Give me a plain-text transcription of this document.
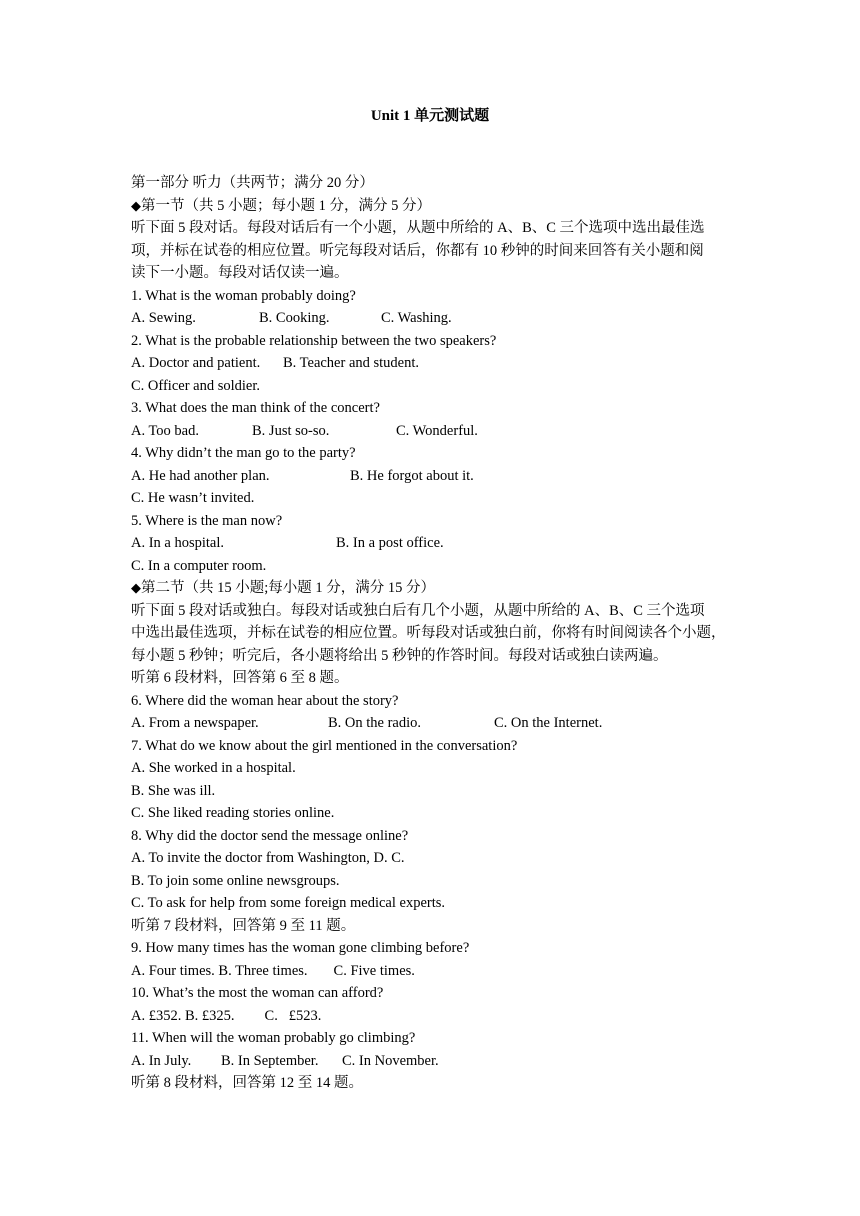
Unit 1 单元测试题
第一部分 听力（共两节；满分 20 分）
◆第一节（共 5 小题；每小题 1 分，满分 5 分）
听下面 5 段对话。每段对话后有一个小题，从题中所给的 A、B、C 三个选项中选出最佳选
项，并标在试卷的相应位置。听完每段对话后，你都有 10 秒钟的时间来回答有关小题和阅
读下一小题。每段对话仅读一遍。
1. What is the woman probably doing?
A. Sewing.	B. Cooking.	C. Washing.
2. What is the probable relationship between the two speakers?
A. Doctor and patient. B. Teacher and student.
C. Officer and soldier.
3. What does the man think of the concert?
A. Too bad.	B. Just so-so.	C. Wonderful.
4. Why didn’t the man go to the party?
A. He had another plan.	B. He forgot about it.
C. He wasn’t invited.
5. Where is the man now?
A. In a hospital.	B. In a post office.
C. In a computer room.
◆第二节（共 15 小题;每小题 1 分，满分 15 分）
听下面 5 段对话或独白。每段对话或独白后有几个小题，从题中所给的 A、B、C 三个选项
中选出最佳选项，并标在试卷的相应位置。听每段对话或独白前，你将有时间阅读各个小题，
每小题 5 秒钟；听完后，各小题将给出 5 秒钟的作答时间。每段对话或独白读两遍。
听第 6 段材料，回答第 6 至 8 题。
6. Where did the woman hear about the story?
A. From a newspaper.	B. On the radio.	C. On the Internet.
7. What do we know about the girl mentioned in the conversation?
A. She worked in a hospital.
B. She was ill.
C. She liked reading stories online.
8. Why did the doctor send the message online?
A. To invite the doctor from Washington, D. C.
B. To join some online newsgroups.
C. To ask for help from some foreign medical experts.
听第 7 段材料，回答第 9 至 11 题。
9. How many times has the woman gone climbing before?
A. Four times. B. Three times. C. Five times.
10. What’s the most the woman can afford?
A. £352. B. £325. C.   £523.
11. When will the woman probably go climbing?
A. In July. B. In September. C. In November.
听第 8 段材料，回答第 12 至 14 题。
